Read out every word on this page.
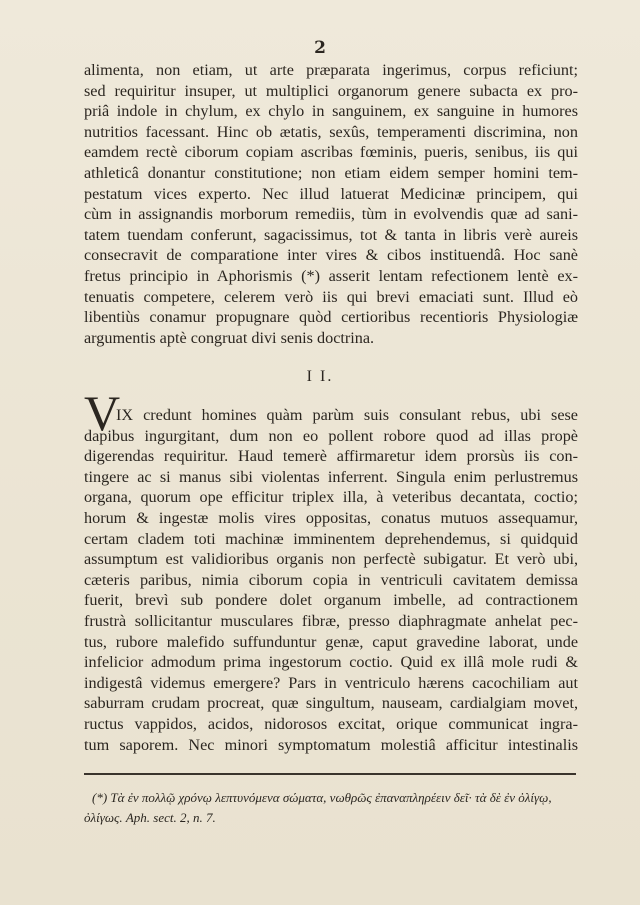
2
alimenta, non etiam, ut arte præparata ingerimus, corpus reficiunt;
sed requiritur insuper, ut multiplici organorum genere subacta ex pro-
priâ indole in chylum, ex chylo in sanguinem, ex sanguine in humores
nutritios facessant. Hinc ob ætatis, sexûs, temperamenti discrimina, non
eamdem rectè ciborum copiam ascribas fœminis, pueris, senibus, iis qui
athleticâ donantur constitutione; non etiam eidem semper homini tem-
pestatum vices experto. Nec illud latuerat Medicinæ principem, qui
cùm in assignandis morborum remediis, tùm in evolvendis quæ ad sani-
tatem tuendam conferunt, sagacissimus, tot & tanta in libris verè aureis
consecravit de comparatione inter vires & cibos instituendâ. Hoc sanè
fretus principio in Aphorismis (*) asserit lentam refectionem lentè ex-
tenuatis competere, celerem verò iis qui brevi emaciati sunt. Illud eò
libentiùs conamur propugnare quòd certioribus recentioris Physiologiæ
argumentis aptè congruat divi senis doctrina.
I I.
V
IX credunt homines quàm parùm suis consulant rebus, ubi sese
dapibus ingurgitant, dum non eo pollent robore quod ad illas propè
digerendas requiritur. Haud temerè affirmaretur idem prorsùs iis con-
tingere ac si manus sibi violentas inferrent. Singula enim perlustremus
organa, quorum ope efficitur triplex illa, à veteribus decantata, coctio;
horum & ingestæ molis vires oppositas, conatus mutuos assequamur,
certam cladem toti machinæ imminentem deprehendemus, si quidquid
assumptum est validioribus organis non perfectè subigatur. Et verò ubi,
cæteris paribus, nimia ciborum copia in ventriculi cavitatem demissa
fuerit, brevì sub pondere dolet organum imbelle, ad contractionem
frustrà sollicitantur musculares fibræ, presso diaphragmate anhelat pec-
tus, rubore malefido suffunduntur genæ, caput gravedine laborat, unde
infelicior admodum prima ingestorum coctio. Quid ex illâ mole rudi &
indigestâ videmus emergere? Pars in ventriculo hærens cacochiliam aut
saburram crudam procreat, quæ singultum, nauseam, cardialgiam movet,
ructus vappidos, acidos, nidorosos excitat, orique communicat ingra-
tum saporem. Nec minori symptomatum molestiâ afficitur intestinalis
(*) Τὰ ἐν πολλῷ χρόνῳ λεπτυνόμενα σώματα, νωθρῶς ἐπαναπληρέειν δεῖ· τὰ δὲ ἐν ὀλίγῳ,
ὀλίγως. Aph. sect. 2, n. 7.
